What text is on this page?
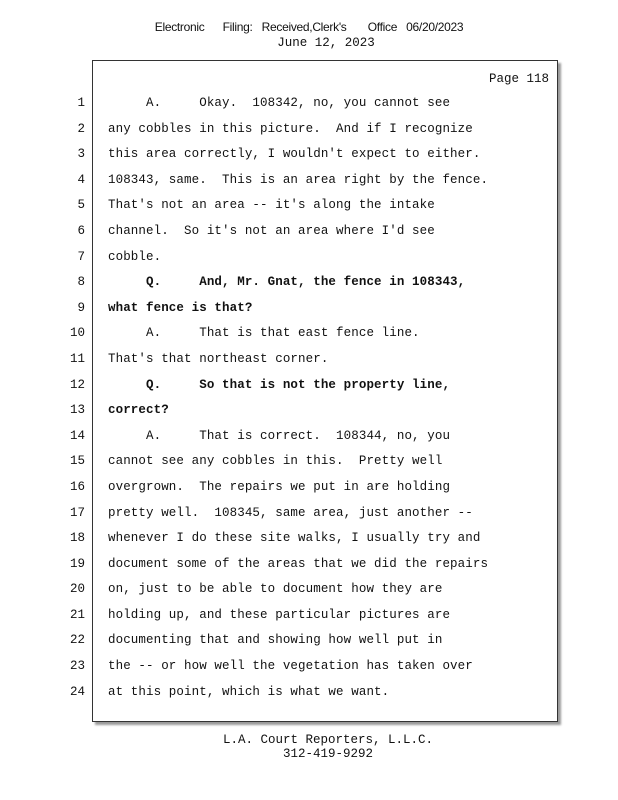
Electronic      Filing:   Received,Clerk's       Office   06/20/2023
June 12, 2023
Page 118
1 A.     Okay.  108342, no, you cannot see
2 any cobbles in this picture.  And if I recognize
3 this area correctly, I wouldn't expect to either.
4 108343, same.  This is an area right by the fence.
5 That's not an area -- it's along the intake
6 channel.  So it's not an area where I'd see
7 cobble.
8 Q.     And, Mr. Gnat, the fence in 108343,
9 what fence is that?
10 A.     That is that east fence line.
11 That's that northeast corner.
12 Q.     So that is not the property line,
13 correct?
14 A.     That is correct.  108344, no, you
15 cannot see any cobbles in this.  Pretty well
16 overgrown.  The repairs we put in are holding
17 pretty well.  108345, same area, just another --
18 whenever I do these site walks, I usually try and
19 document some of the areas that we did the repairs
20 on, just to be able to document how they are
21 holding up, and these particular pictures are
22 documenting that and showing how well put in
23 the -- or how well the vegetation has taken over
24 at this point, which is what we want.
L.A. Court Reporters, L.L.C.
312-419-9292
